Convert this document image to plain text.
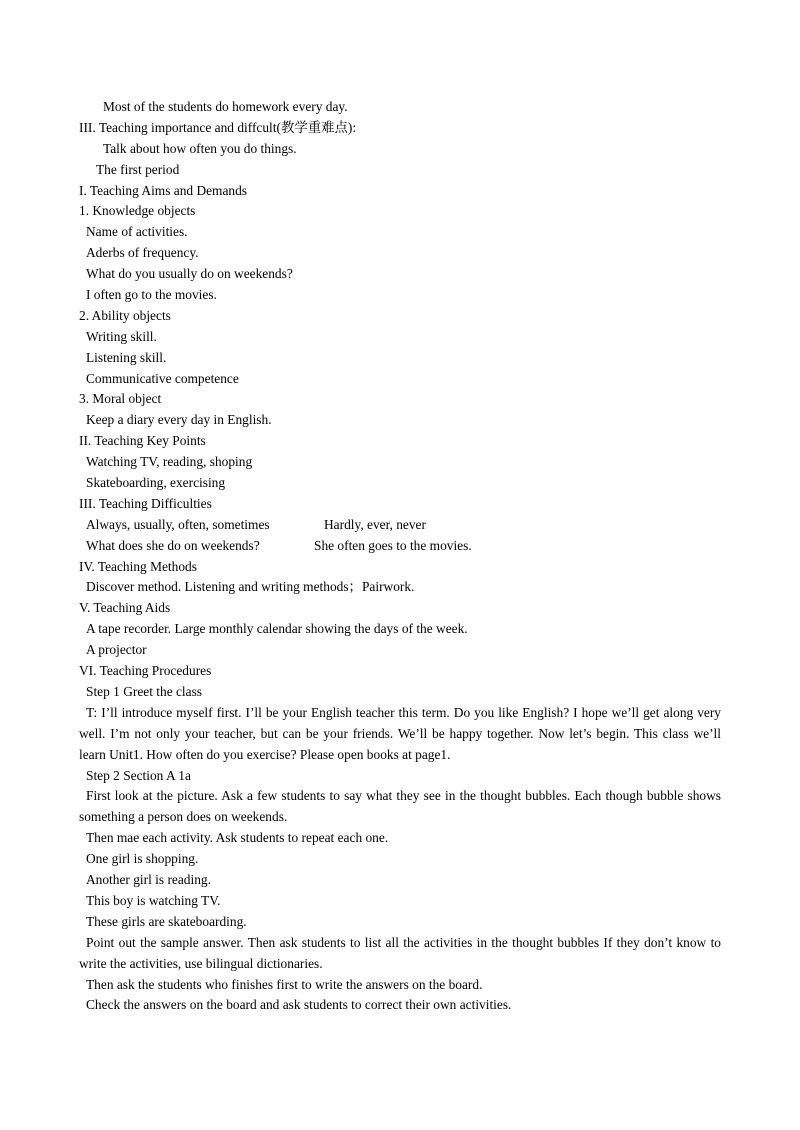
Most of the students do homework every day.
III. Teaching importance and diffcult(教学重难点):
Talk about how often you do things.
The first period
I. Teaching Aims and Demands
1. Knowledge objects
Name of activities.
Aderbs of frequency.
What do you usually do on weekends?
I often go to the movies.
2. Ability objects
Writing skill.
Listening skill.
Communicative competence
3. Moral object
Keep a diary every day in English.
II. Teaching Key Points
Watching TV, reading, shoping
Skateboarding, exercising
III. Teaching Difficulties
Always, usually, often, sometimes	Hardly, ever, never
What does she do on weekends?	She often goes to the movies.
IV. Teaching Methods
Discover method. Listening and writing methods；Pairwork.
V. Teaching Aids
A tape recorder. Large monthly calendar showing the days of the week.
A projector
VI. Teaching Procedures
Step 1 Greet the class
T: I’ll introduce myself first. I’ll be your English teacher this term. Do you like English? I hope we’ll get along very well. I’m not only your teacher, but can be your friends. We’ll be happy together. Now let’s begin. This class we’ll learn Unit1. How often do you exercise? Please open books at page1.
Step 2 Section A 1a
First look at the picture. Ask a few students to say what they see in the thought bubbles. Each though bubble shows something a person does on weekends.
Then mae each activity. Ask students to repeat each one.
One girl is shopping.
Another girl is reading.
This boy is watching TV.
These girls are skateboarding.
Point out the sample answer. Then ask students to list all the activities in the thought bubbles If they don’t know to write the activities, use bilingual dictionaries.
Then ask the students who finishes first to write the answers on the board.
Check the answers on the board and ask students to correct their own activities.
